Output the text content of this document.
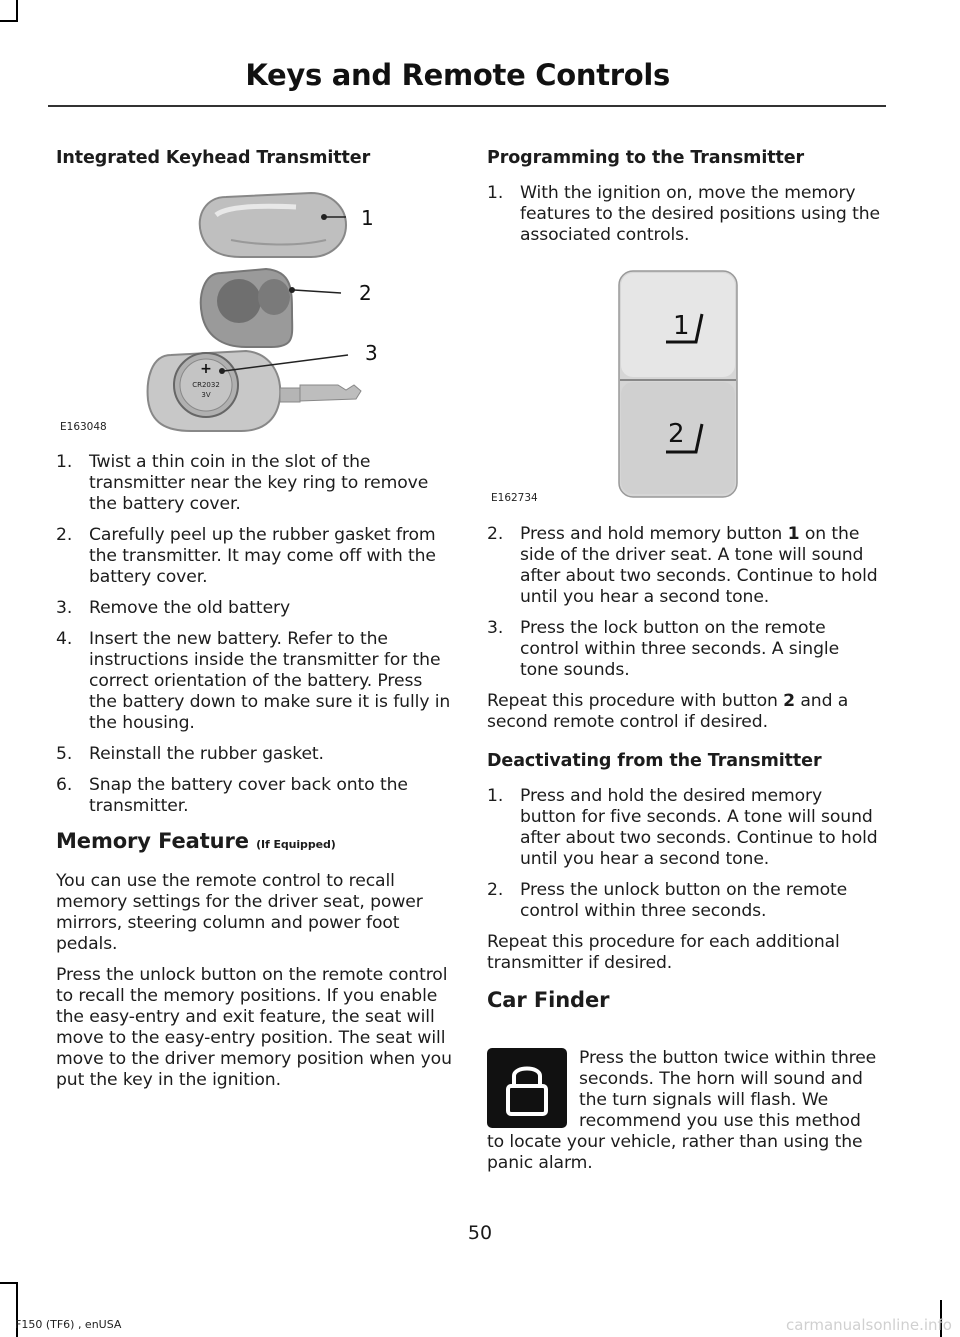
Keys and Remote Controls
Integrated Keyhead Transmitter
+
CR2032
3V
1
2
3
E163048
1. Twist a thin coin in the slot of the transmitter near the key ring to remove the battery cover.
2. Carefully peel up the rubber gasket from the transmitter. It may come off with the battery cover.
3. Remove the old battery
4. Insert the new battery. Refer to the instructions inside the transmitter for the correct orientation of the battery. Press the battery down to make sure it is fully in the housing.
5. Reinstall the rubber gasket.
6. Snap the battery cover back onto the transmitter.
Memory Feature (If Equipped)

You can use the remote control to recall memory settings for the driver seat, power mirrors, steering column and power foot pedals.

Press the unlock button on the remote control to recall the memory positions. If you enable the easy-entry and exit feature, the seat will move to the easy-entry position. The seat will move to the driver memory position when you put the key in the ignition.

Programming to the Transmitter
1. With the ignition on, move the memory features to the desired positions using the associated controls.
1
2
E162734
2. Press and hold memory button 1 on the side of the driver seat. A tone will sound after about two seconds. Continue to hold until you hear a second tone.
3. Press the lock button on the remote control within three seconds. A single tone sounds.

Repeat this procedure with button 2 and a second remote control if desired.

Deactivating from the Transmitter
1. Press and hold the desired memory button for five seconds. A tone will sound after about two seconds. Continue to hold until you hear a second tone.
2. Press the unlock button on the remote control within three seconds.

Repeat this procedure for each additional transmitter if desired.

Car Finder
Press the button twice within three seconds. The horn will sound and the turn signals will flash. We recommend you use this method to locate your vehicle, rather than using the panic alarm.
50
F150 (TF6) , enUSA	carmanualsonline.info
